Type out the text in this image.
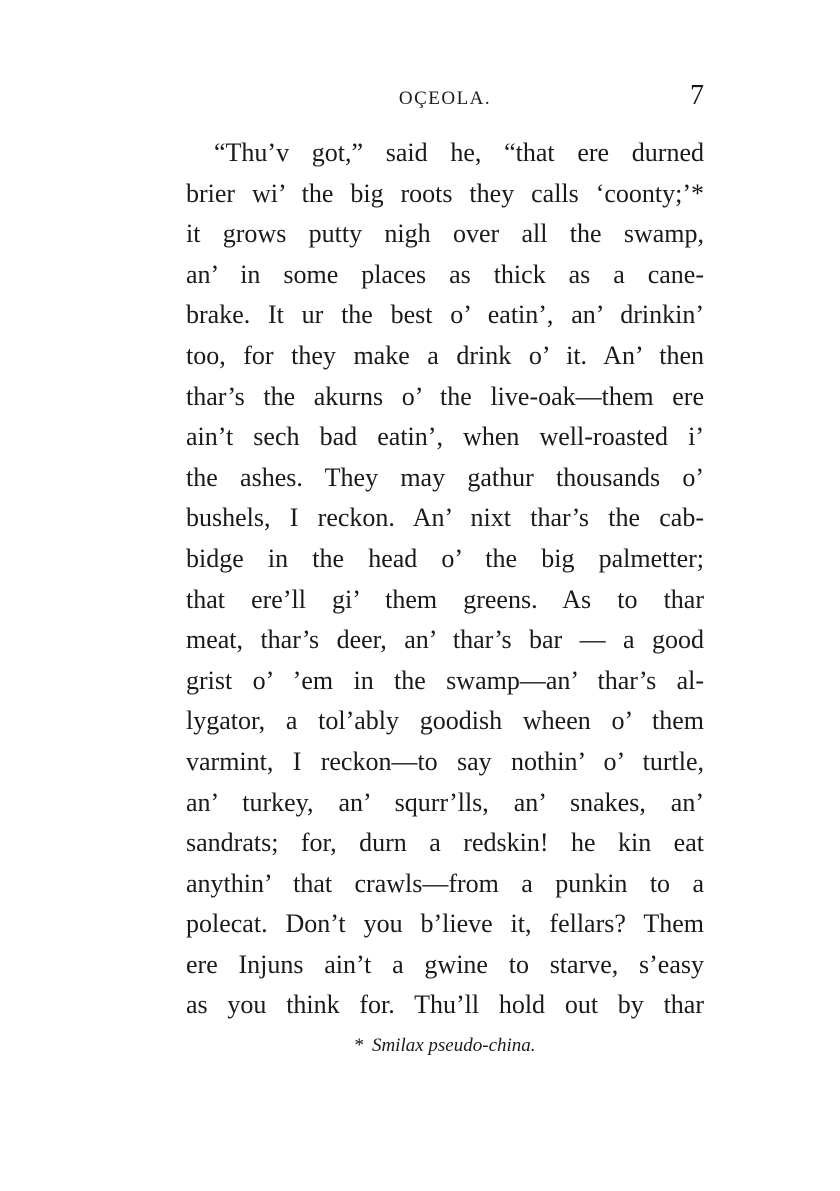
OÇEOLA.	7
“Thu’v got,” said he, “that ere durned
brier wi’ the big roots they calls ‘coonty;’*
it grows putty nigh over all the swamp,
an’ in some places as thick as a cane-
brake. It ur the best o’ eatin’, an’ drinkin’
too, for they make a drink o’ it. An’ then
thar’s the akurns o’ the live-oak—them ere
ain’t sech bad eatin’, when well-roasted i’
the ashes. They may gathur thousands o’
bushels, I reckon. An’ nixt thar’s the cab-
bidge in the head o’ the big palmetter;
that ere’ll gi’ them greens. As to thar
meat, thar’s deer, an’ thar’s bar — a good
grist o’ ’em in the swamp—an’ thar’s al-
lygator, a tol’ably goodish wheen o’ them
varmint, I reckon—to say nothin’ o’ turtle,
an’ turkey, an’ squrr’lls, an’ snakes, an’
sandrats; for, durn a redskin! he kin eat
anythin’ that crawls—from a punkin to a
polecat. Don’t you b’lieve it, fellars? Them
ere Injuns ain’t a gwine to starve, s’easy
as you think for. Thu’ll hold out by thar
* Smilax pseudo-china.
